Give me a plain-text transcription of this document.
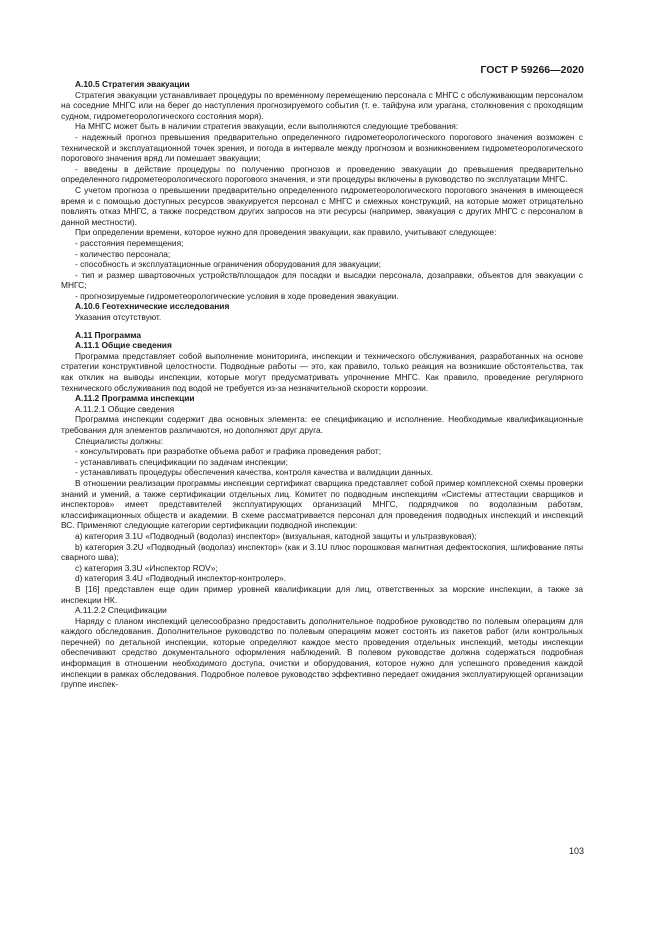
ГОСТ Р 59266—2020

А.10.5 Стратегия эвакуации

Стратегия эвакуации устанавливает процедуры по временному перемещению персонала с МНГС с обслуживающим персоналом на соседние МНГС или на берег до наступления прогнозируемого события (т. е. тайфуна или урагана, столкновения с проходящим судном, гидрометеорологического состояния моря).

На МНГС может быть в наличии стратегия эвакуации, если выполняются следующие требования:

- надежный прогноз превышения предварительно определенного гидрометеорологического порогового значения возможен с технической и эксплуатационной точек зрения, и погода в интервале между прогнозом и возникновением гидрометеорологического порогового значения вряд ли помешает эвакуации;

- введены в действие процедуры по получению прогнозов и проведению эвакуации до превышения предварительно определенного гидрометеорологического порогового значения, и эти процедуры включены в руководство по эксплуатации МНГС.

С учетом прогноза о превышении предварительно определенного гидрометеорологического порогового значения в имеющееся время и с помощью доступных ресурсов эвакуируется персонал с МНГС и смежных конструкций, на которые может отрицательно повлиять отказ МНГС, а также посредством других запросов на эти ресурсы (например, эвакуация с других МНГС с персоналом в данной местности).

При определении времени, которое нужно для проведения эвакуации, как правило, учитывают следующее:

- расстояния перемещения;

- количество персонала;

- способность и эксплуатационные ограничения оборудования для эвакуации;

- тип и размер швартовочных устройств/площадок для посадки и высадки персонала, дозаправки, объектов для эвакуации с МНГС;

- прогнозируемые гидрометеорологические условия в ходе проведения эвакуации.

А.10.6 Геотехнические исследования

Указания отсутствуют.

А.11 Программа

А.11.1 Общие сведения

Программа представляет собой выполнение мониторинга, инспекции и технического обслуживания, разработанных на основе стратегии конструктивной целостности. Подводные работы — это, как правило, только реакция на возникшие обстоятельства, так как отклик на выводы инспекции, которые могут предусматривать упрочнение МНГС. Как правило, проведение регулярного технического обслуживания под водой не требуется из-за незначительной скорости коррозии.

А.11.2 Программа инспекции

А.11.2.1 Общие сведения

Программа инспекции содержит два основных элемента: ее спецификацию и исполнение. Необходимые квалификационные требования для элементов различаются, но дополняют друг друга.

Специалисты должны:

- консультировать при разработке объема работ и графика проведения работ;

- устанавливать спецификации по задачам инспекции;

- устанавливать процедуры обеспечения качества, контроля качества и валидации данных.

В отношении реализации программы инспекции сертификат сварщика представляет собой пример комплексной схемы проверки знаний и умений, а также сертификации отдельных лиц. Комитет по подводным инспекциям «Системы аттестации сварщиков и инспекторов» имеет представителей эксплуатирующих организаций МНГС, подрядчиков по водолазным работам, классификационных обществ и академии. В схеме рассматривается персонал для проведения подводных инспекций и инспекций ВС. Применяют следующие категории сертификации подводной инспекции:

a) категория 3.1U «Подводный (водолаз) инспектор» (визуальная, катодной защиты и ультразвуковая);

b) категория 3.2U «Подводный (водолаз) инспектор» (как и 3.1U плюс порошковая магнитная дефектоскопия, шлифование пяты сварного шва);

c) категория 3.3U «Инспектор ROV»;

d) категория 3.4U «Подводный инспектор-контролер».

В [16] представлен еще один пример уровней квалификации для лиц, ответственных за морские инспекции, а также за инспекции НК.

А.11.2.2 Спецификации

Наряду с планом инспекций целесообразно предоставить дополнительное подробное руководство по полевым операциям для каждого обследования. Дополнительное руководство по полевым операциям может состоять из пакетов работ (или контрольных перечней) по детальной инспекции, которые определяют каждое место проведения отдельных инспекций, методы инспекции обеспечивают средство документального оформления наблюдений. В полевом руководстве должна содержаться подробная информация в отношении необходимого доступа, очистки и оборудования, которое нужно для успешного проведения каждой инспекции в рамках обследования. Подробное полевое руководство эффективно передает ожидания эксплуатирующей организации группе инспек-

103
